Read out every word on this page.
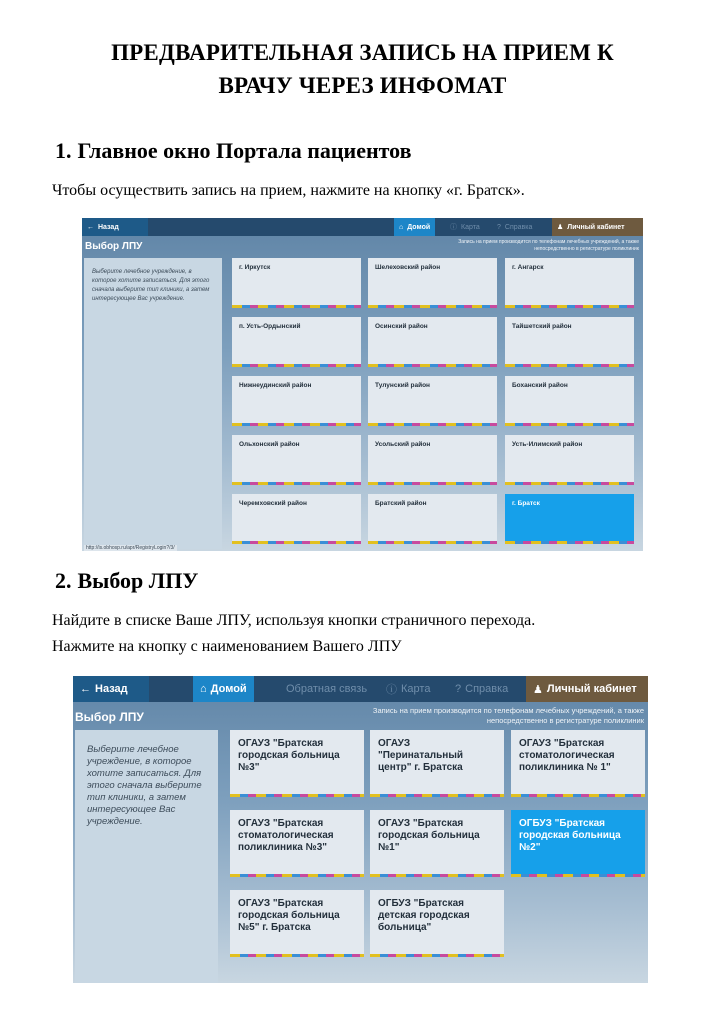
ПРЕДВАРИТЕЛЬНАЯ ЗАПИСЬ НА ПРИЕМ К
ВРАЧУ ЧЕРЕЗ ИНФОМАТ
1. Главное окно Портала пациентов
Чтобы осуществить запись на прием, нажмите на кнопку «г. Братск».
← Назад	⌂ Домой	ⓘ Карта ? Справка	♟ Личный кабинет
Запись на прием производится по телефонам лечебных учреждений, а также
непосредственно в регистратуре поликлиник
Выбор ЛПУ
Выберите лечебное учреждение, в которое хотите записаться. Для этого сначала выберите тип клиники, а затем интересующее Вас учреждение.
http://is.obhosp.ru/apr/RegistryLogin?/3/
г. Иркутск	Шелеховский район	г. Ангарск
п. Усть-Ордынский	Осинский район	Тайшетский район
Нижнеудинский район	Тулунский район	Боханский район
Ольхонский район	Усольский район	Усть-Илимский район
Черемховский район	Братский район	г. Братск
2. Выбор ЛПУ
Найдите в списке Ваше ЛПУ, используя кнопки страничного перехода.
Нажмите на кнопку с наименованием Вашего ЛПУ
← Назад	⌂ Домой	Обратная связь ⓘ Карта ? Справка ♟ Личный кабинет
Запись на прием производится по телефонам лечебных учреждений, а также
непосредственно в регистратуре поликлиник
Выбор ЛПУ
Выберите лечебное учреждение, в которое хотите записаться. Для этого сначала выберите тип клиники, а затем интересующее Вас учреждение.
ОГАУЗ "Братская городская больница №3"
ОГАУЗ "Перинатальный центр" г. Братска
ОГАУЗ "Братская стоматологическая поликлиника № 1"
ОГАУЗ "Братская стоматологическая поликлиника №3"
ОГАУЗ "Братская городская больница №1"
ОГБУЗ "Братская городская больница №2"
ОГАУЗ "Братская городская больница №5" г. Братска
ОГБУЗ "Братская детская городская больница"
